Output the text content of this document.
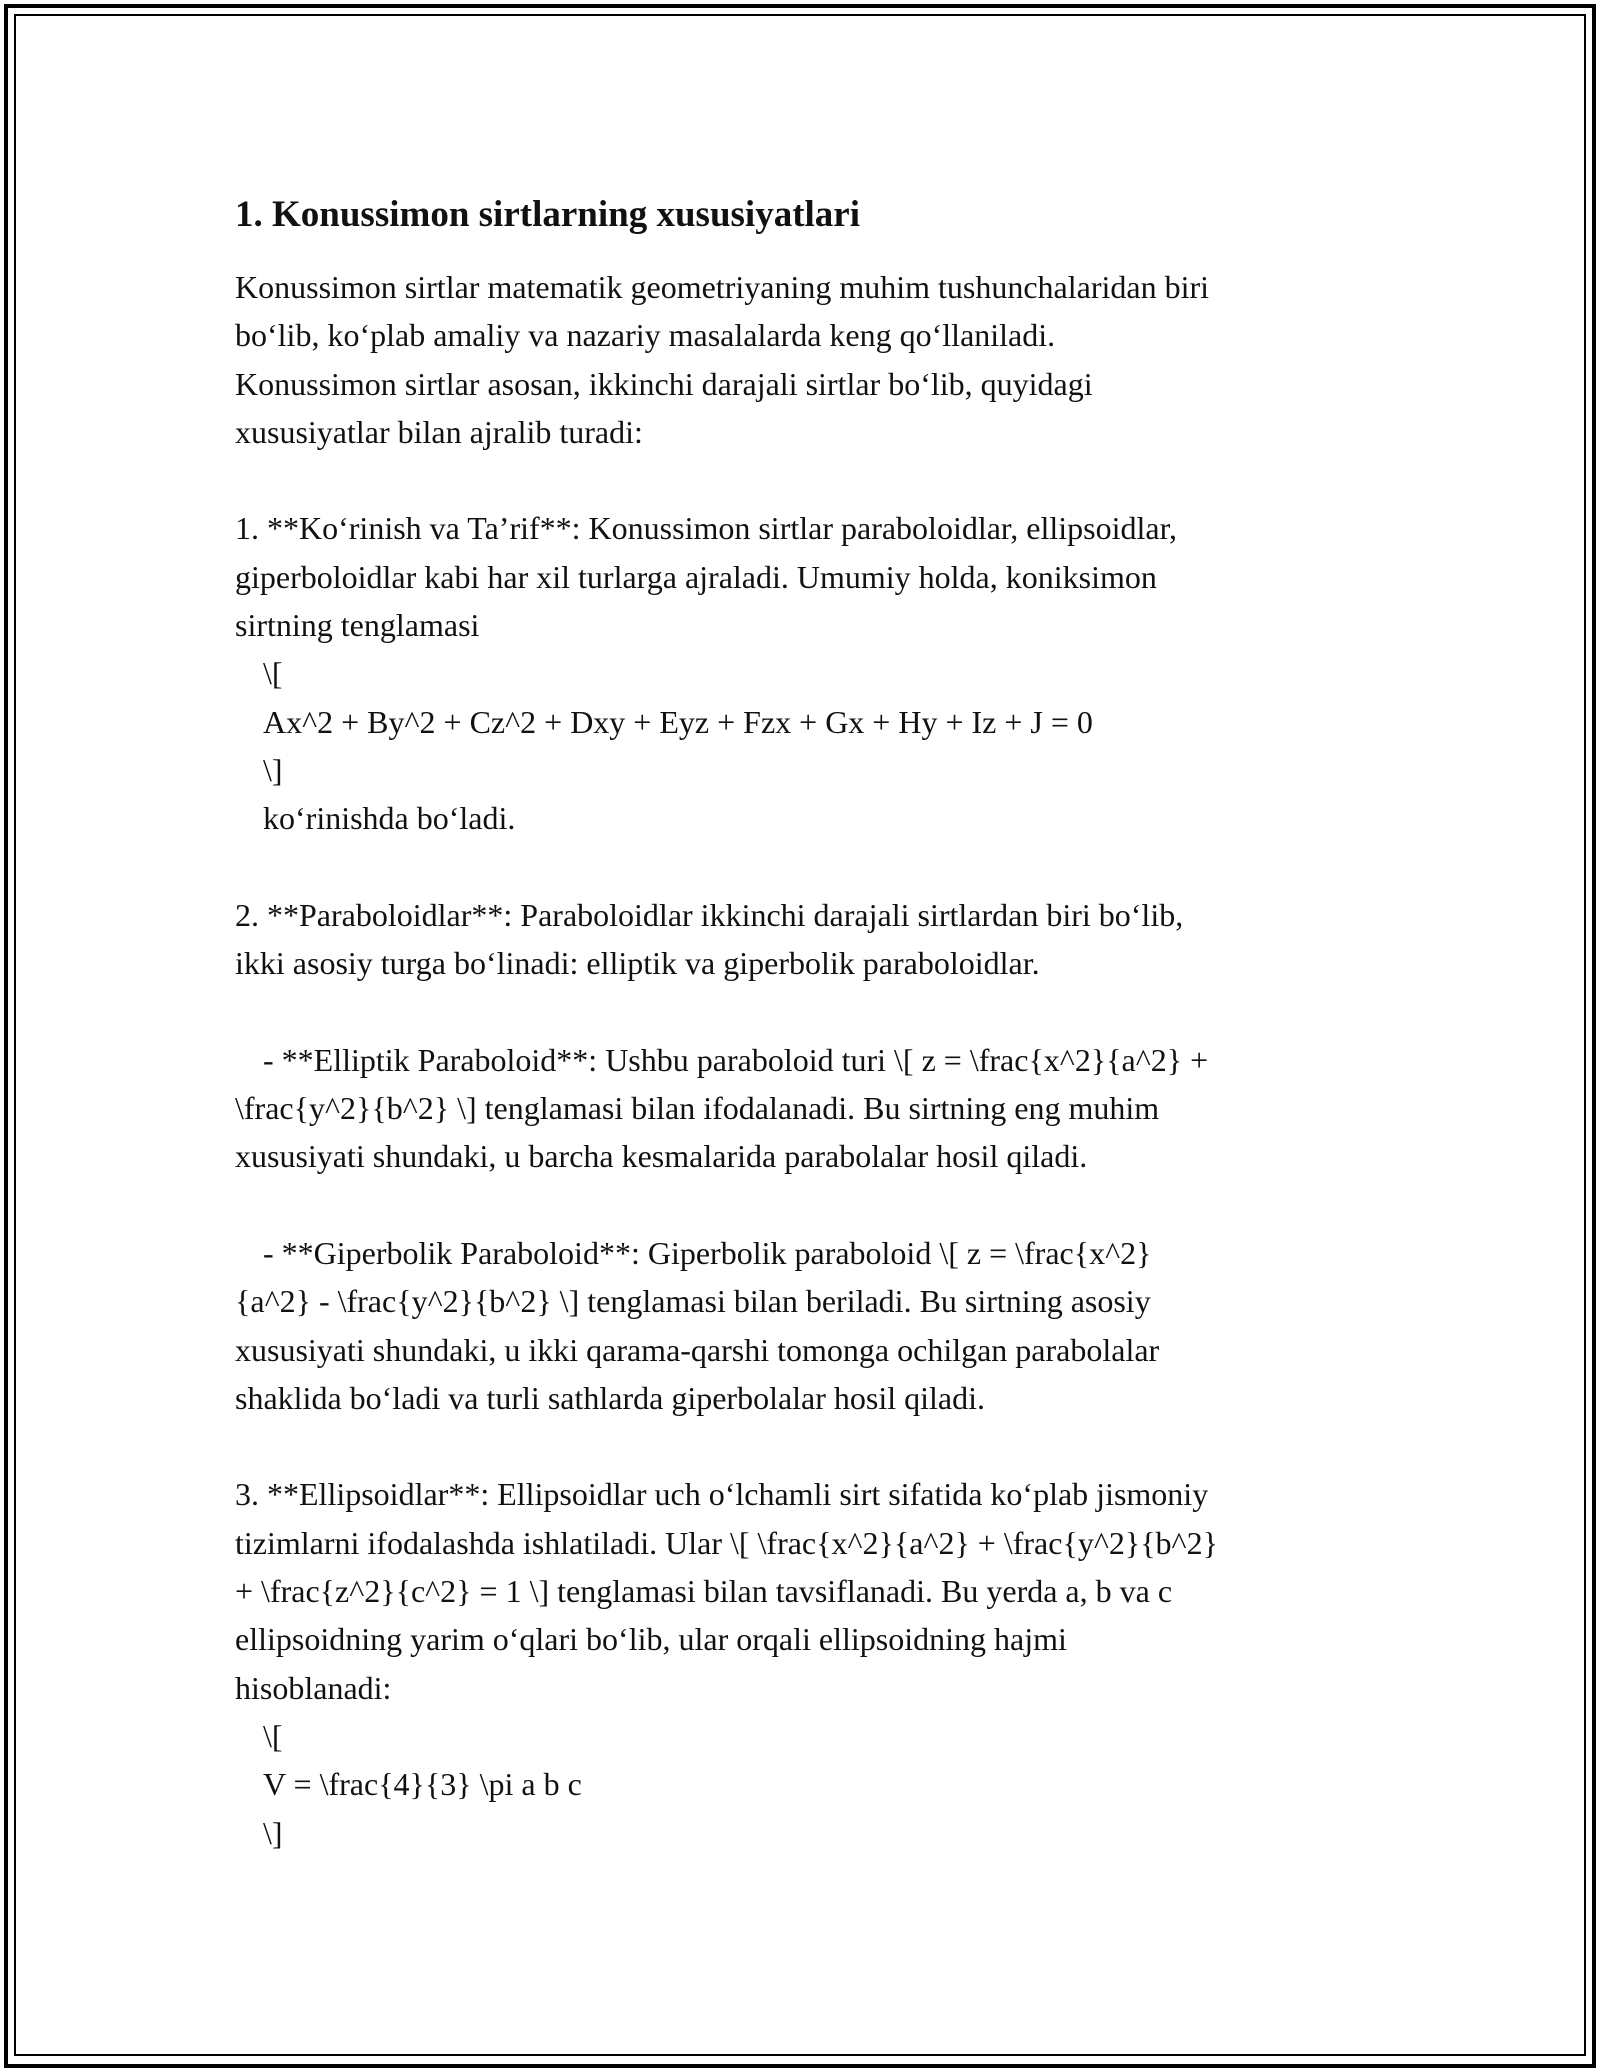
1. Konussimon sirtlarning xususiyatlari
Konussimon sirtlar matematik geometriyaning muhim tushunchalaridan biri
bo‘lib, ko‘plab amaliy va nazariy masalalarda keng qo‘llaniladi.
Konussimon sirtlar asosan, ikkinchi darajali sirtlar bo‘lib, quyidagi
xususiyatlar bilan ajralib turadi:
1. **Ko‘rinish va Ta’rif**: Konussimon sirtlar paraboloidlar, ellipsoidlar,
giperboloidlar kabi har xil turlarga ajraladi. Umumiy holda, koniksimon
sirtning tenglamasi
\[
Ax^2 + By^2 + Cz^2 + Dxy + Eyz + Fzx + Gx + Hy + Iz + J = 0
\]
ko‘rinishda bo‘ladi.
2. **Paraboloidlar**: Paraboloidlar ikkinchi darajali sirtlardan biri bo‘lib,
ikki asosiy turga bo‘linadi: elliptik va giperbolik paraboloidlar.
- **Elliptik Paraboloid**: Ushbu paraboloid turi \[ z = \frac{x^2}{a^2} +
\frac{y^2}{b^2} \] tenglamasi bilan ifodalanadi. Bu sirtning eng muhim
xususiyati shundaki, u barcha kesmalarida parabolalar hosil qiladi.
- **Giperbolik Paraboloid**: Giperbolik paraboloid \[ z = \frac{x^2}
{a^2} - \frac{y^2}{b^2} \] tenglamasi bilan beriladi. Bu sirtning asosiy
xususiyati shundaki, u ikki qarama-qarshi tomonga ochilgan parabolalar
shaklida bo‘ladi va turli sathlarda giperbolalar hosil qiladi.
3. **Ellipsoidlar**: Ellipsoidlar uch o‘lchamli sirt sifatida ko‘plab jismoniy
tizimlarni ifodalashda ishlatiladi. Ular \[ \frac{x^2}{a^2} + \frac{y^2}{b^2}
+ \frac{z^2}{c^2} = 1 \] tenglamasi bilan tavsiflanadi. Bu yerda a, b va c
ellipsoidning yarim o‘qlari bo‘lib, ular orqali ellipsoidning hajmi
hisoblanadi:
\[
V = \frac{4}{3} \pi a b c
\]
